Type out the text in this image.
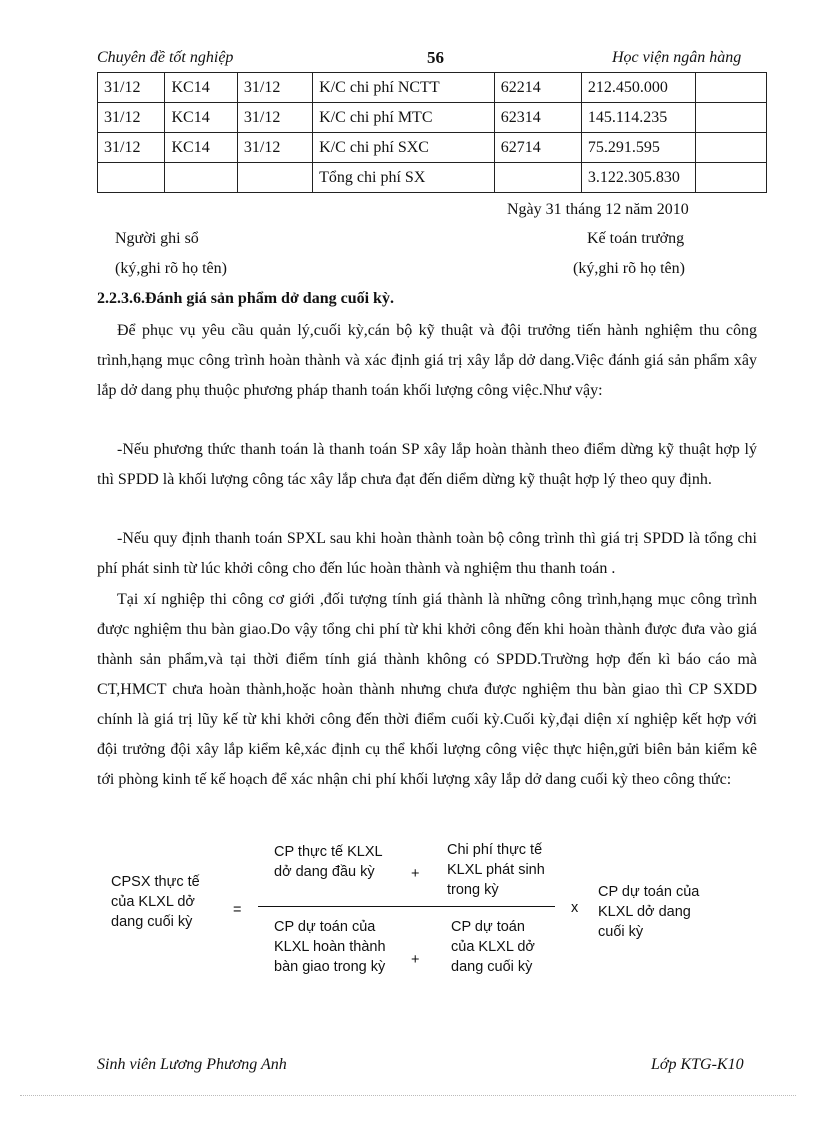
Chuyên đề tốt nghiệp	56	Học viện ngân hàng
31/12	KC14	31/12	K/C chi phí NCTT	62214	212.450.000	
31/12	KC14	31/12	K/C chi phí MTC	62314	145.114.235	
31/12	KC14	31/12	K/C chi phí SXC	62714	75.291.595	
			Tổng chi phí SX		3.122.305.830	
Ngày 31 tháng 12 năm 2010
Người ghi sổ	Kế toán trưởng
(ký,ghi rõ họ tên)	(ký,ghi rõ họ tên)
2.2.3.6.Đánh giá sản phẩm dở dang cuối kỳ.

Để phục vụ yêu cầu quản lý,cuối kỳ,cán bộ kỹ thuật và đội trưởng tiến hành nghiệm thu công trình,hạng mục công trình hoàn thành và xác định giá trị xây lắp dở dang.Việc đánh giá sản phẩm xây lắp dở dang phụ thuộc phương pháp thanh toán khối lượng công việc.Như vậy:

-Nếu phương thức thanh toán là thanh toán SP xây lắp hoàn thành theo điểm dừng kỹ thuật hợp lý thì SPDD là khối lượng công tác xây lắp chưa đạt đến diểm dừng kỹ thuật hợp lý theo quy định.

-Nếu quy định thanh toán SPXL sau khi hoàn thành toàn bộ công trình thì giá trị SPDD là tổng chi phí phát sinh từ lúc khởi công cho đến lúc hoàn thành và nghiệm thu thanh toán .

Tại xí nghiệp thi công cơ giới ,đối tượng tính giá thành là những công trình,hạng mục công trình được nghiệm thu bàn giao.Do vậy tổng chi phí từ khi khởi công đến khi hoàn thành được đưa vào giá thành sản phẩm,và tại thời điểm tính giá thành không có SPDD.Trường hợp đến kì báo cáo mà CT,HMCT chưa hoàn thành,hoặc hoàn thành nhưng chưa được nghiệm thu bàn giao thì CP SXDD chính là giá trị lũy kế từ khi khởi công đến thời điểm cuối kỳ.Cuối kỳ,đại diện xí nghiệp kết hợp với đội trưởng đội xây lắp kiểm kê,xác định cụ thể khối lượng công việc thực hiện,gửi biên bản kiểm kê tới phòng kinh tế kế hoạch để xác nhận chi phí khối lượng xây lắp dở dang cuối kỳ theo công thức:

CPSX thực tế của KLXL dở dang cuối kỳ
=
CP thực tế KLXL dở dang đầu kỳ	+
Chi phí thực tế KLXL phát sinh trong kỳ
CP dự toán của KLXL hoàn thành bàn giao trong kỳ	+
CP dự toán của KLXL dở dang cuối kỳ
x
CP dự toán của KLXL dở dang cuối kỳ
Sinh viên Lương Phương Anh	Lớp KTG-K10
